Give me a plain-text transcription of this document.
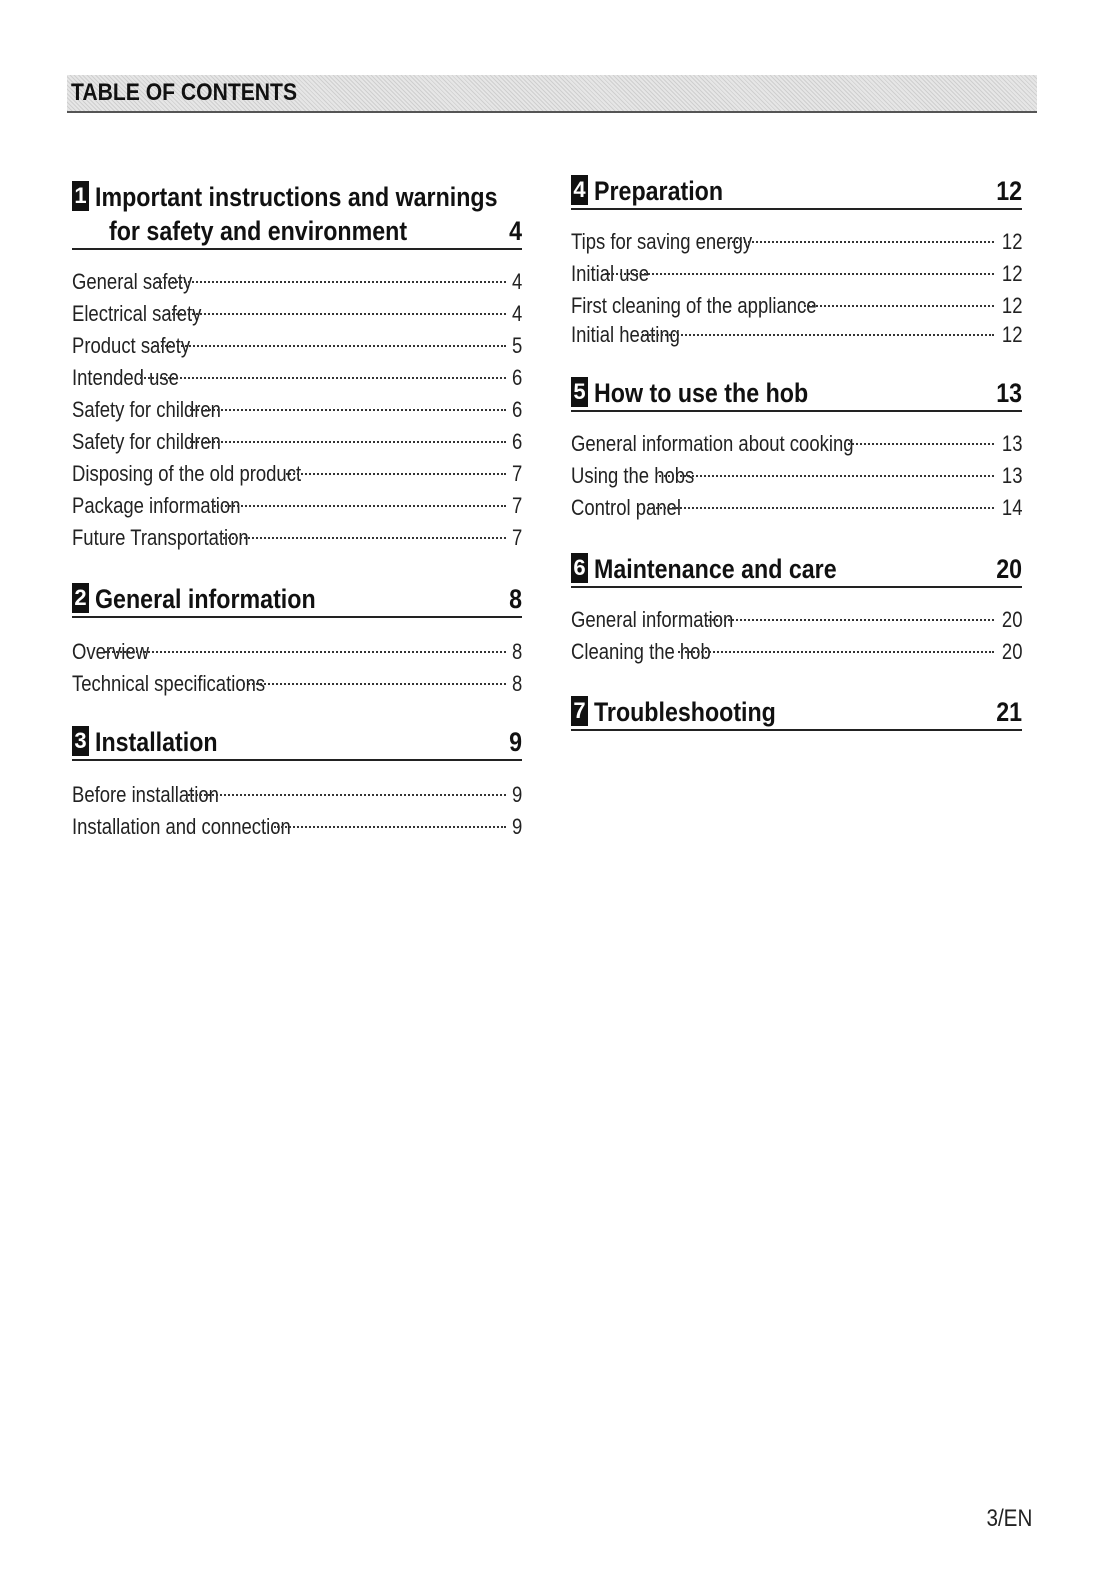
TABLE OF CONTENTS
1 Important instructions and warnings
for safety and environment	4
General safety	4
Electrical safety	4
Product safety	5
Intended use	6
Safety for children	6
Safety for children	6
Disposing of the old product	7
Package information	7
Future Transportation	7
2 General information	8
Overview	8
Technical specifications	8
3 Installation	9
Before installation	9
Installation and connection	9
4 Preparation	12
Tips for saving energy	12
Initial use	12
First cleaning of the appliance	12
Initial heating	12
5 How to use the hob	13
General information about cooking	13
Using the hobs	13
Control panel	14
6 Maintenance and care	20
General information	20
Cleaning the hob	20
7 Troubleshooting	21
3/EN
